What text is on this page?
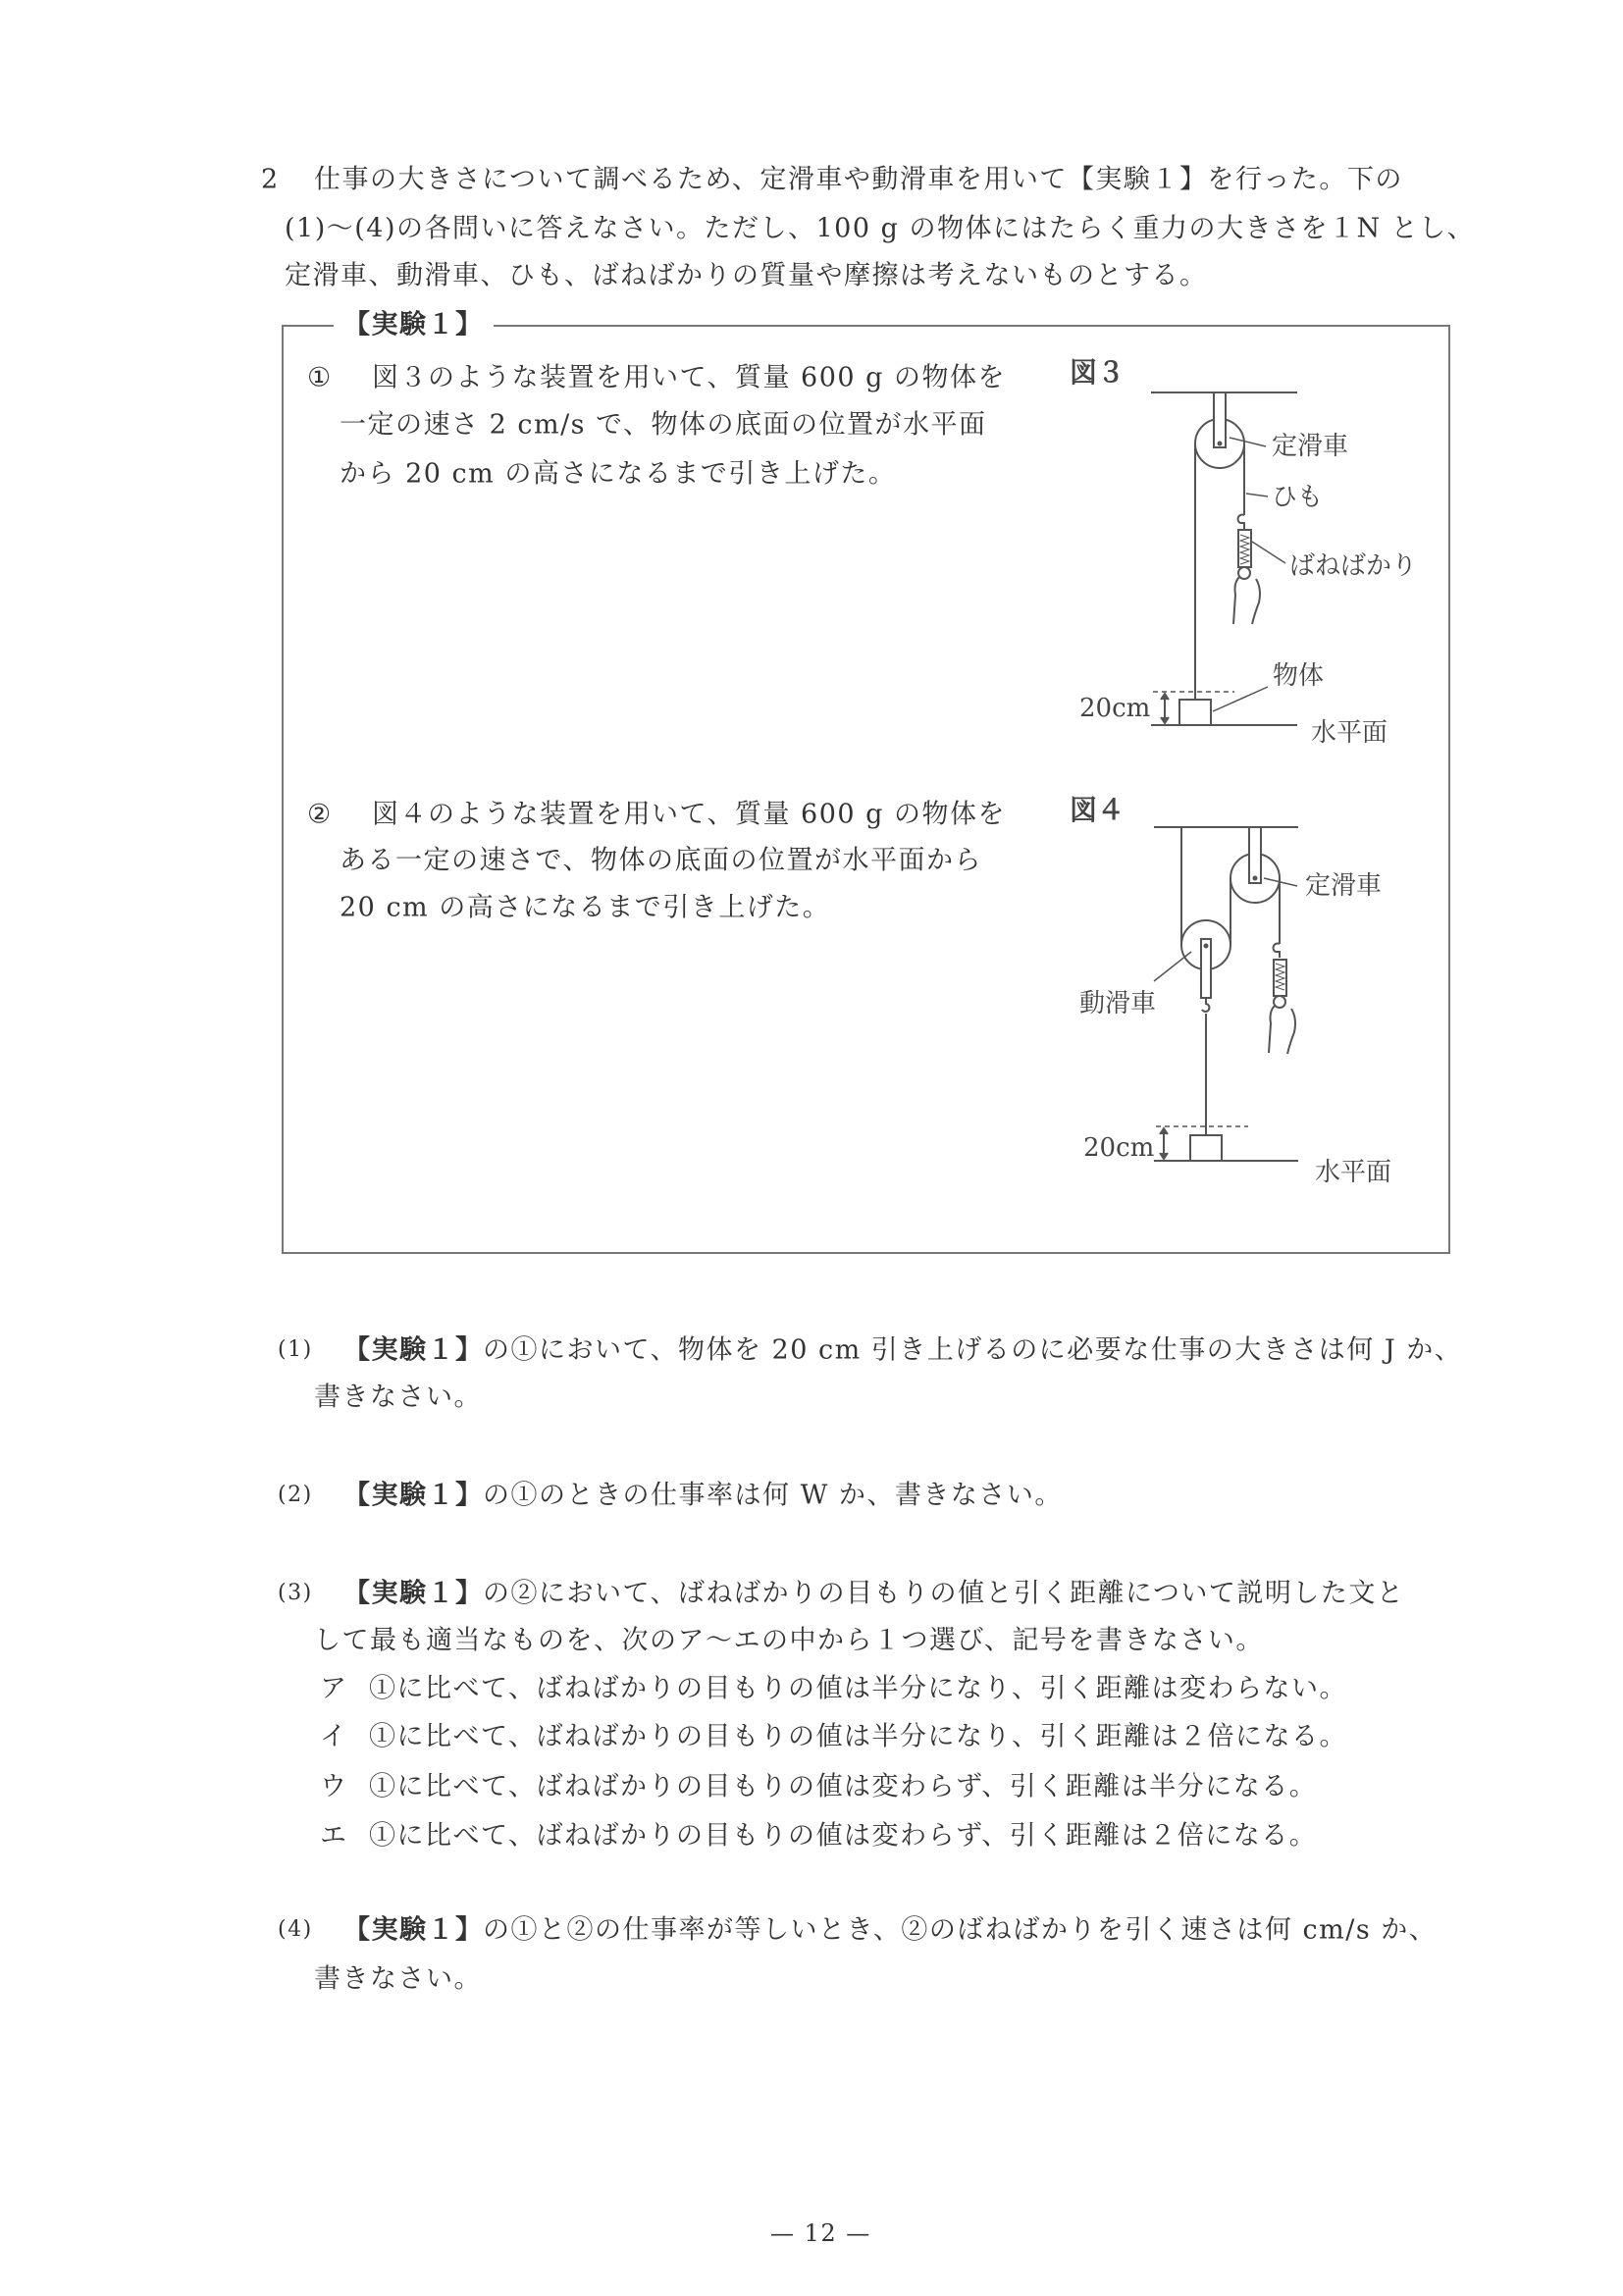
2 仕事の大きさについて調べるため、定滑車や動滑車を用いて【実験１】を行った。下の
(1)〜(4)の各問いに答えなさい。ただし、100 g の物体にはたらく重力の大きさを１N とし、
定滑車、動滑車、ひも、ばねばかりの質量や摩擦は考えないものとする。
【実験１】
① 図３のような装置を用いて、質量 600 g の物体を
一定の速さ 2 cm/s で、物体の底面の位置が水平面
から 20 cm の高さになるまで引き上げた。
② 図４のような装置を用いて、質量 600 g の物体を
ある一定の速さで、物体の底面の位置が水平面から
20 cm の高さになるまで引き上げた。
図３
定滑車
ひも
ばねばかり
物体
20cm
水平面
図４
定滑車
動滑車
20cm
水平面
(1) 【実験１】 の①において、物体を 20 cm 引き上げるのに必要な仕事の大きさは何 J か、
書きなさい。
(2) 【実験１】 の①のときの仕事率は何 W か、書きなさい。
(3) 【実験１】 の②において、ばねばかりの目もりの値と引く距離について説明した文と
して最も適当なものを、次のア〜エの中から１つ選び、記号を書きなさい。
ア ①に比べて、ばねばかりの目もりの値は半分になり、引く距離は変わらない。
イ ①に比べて、ばねばかりの目もりの値は半分になり、引く距離は２倍になる。
ウ ①に比べて、ばねばかりの目もりの値は変わらず、引く距離は半分になる。
エ ①に比べて、ばねばかりの目もりの値は変わらず、引く距離は２倍になる。
(4) 【実験１】 の①と②の仕事率が等しいとき、②のばねばかりを引く速さは何 cm/s か、
書きなさい。
— 12 —
